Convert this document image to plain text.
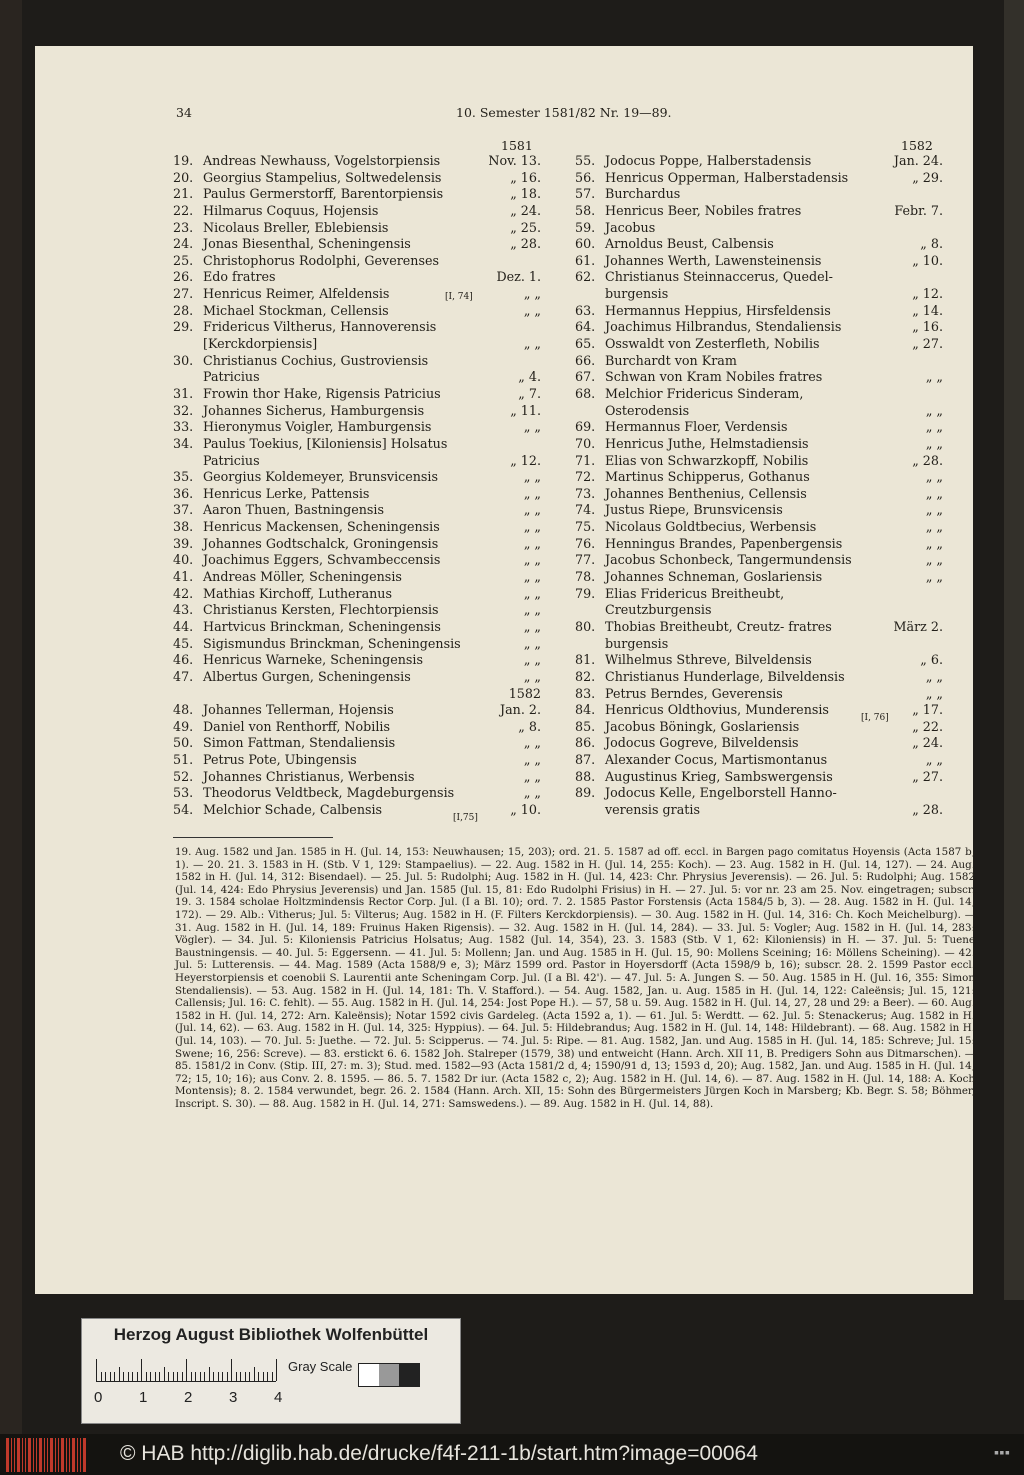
34	10. Semester 1581/82 Nr. 19—89.
1581	1582
19. Andreas Newhauss, Vogelstorpiensis	Nov. 13.
20. Georgius Stampelius, Soltwedelensis	„ 16.
21. Paulus Germerstorff, Barentorpiensis	„ 18.
22. Hilmarus Coquus, Hojensis	„ 24.
23. Nicolaus Breller, Eblebiensis	„ 25.
24. Jonas Biesenthal, Scheningensis	„ 28.
25. Christophorus Rodolphi, Geverenses
26. Edo fratres	Dez. 1.
27. Henricus Reimer, Alfeldensis	„ „
28. Michael Stockman, Cellensis	„ „
29. Fridericus Viltherus, Hannoverensis
[Kerckdorpiensis]	„ „
30. Christianus Cochius, Gustroviensis
Patricius	„ 4.
31. Frowin thor Hake, Rigensis Patricius	„ 7.
32. Johannes Sicherus, Hamburgensis	„ 11.
33. Hieronymus Voigler, Hamburgensis	„ „
34. Paulus Toekius, [Kiloniensis] Holsatus
Patricius	„ 12.
35. Georgius Koldemeyer, Brunsvicensis	„ „
36. Henricus Lerke, Pattensis	„ „
37. Aaron Thuen, Bastningensis	„ „
38. Henricus Mackensen, Scheningensis	„ „
39. Johannes Godtschalck, Groningensis	„ „
40. Joachimus Eggers, Schvambeccensis	„ „
41. Andreas Möller, Scheningensis	„ „
42. Mathias Kirchoff, Lutheranus	„ „
43. Christianus Kersten, Flechtorpiensis	„ „
44. Hartvicus Brinckman, Scheningensis	„ „
45. Sigismundus Brinckman, Scheningensis	„ „
46. Henricus Warneke, Scheningensis	„ „
47. Albertus Gurgen, Scheningensis	„ „
1582
48. Johannes Tellerman, Hojensis	Jan. 2.
49. Daniel von Renthorff, Nobilis	„ 8.
50. Simon Fattman, Stendaliensis	„ „
51. Petrus Pote, Ubingensis	„ „
52. Johannes Christianus, Werbensis	„ „
53. Theodorus Veldtbeck, Magdeburgensis	„ „
54. Melchior Schade, Calbensis	„ 10.
55. Jodocus Poppe, Halberstadensis	Jan. 24.
56. Henricus Opperman, Halberstadensis	„ 29.
57. Burchardus
58. Henricus Beer, Nobiles fratres	Febr. 7.
59. Jacobus
60. Arnoldus Beust, Calbensis	„ 8.
61. Johannes Werth, Lawensteinensis	„ 10.
62. Christianus Steinnaccerus, Quedel-
burgensis	„ 12.
63. Hermannus Heppius, Hirsfeldensis	„ 14.
64. Joachimus Hilbrandus, Stendaliensis	„ 16.
65. Osswaldt von Zesterfleth, Nobilis	„ 27.
66. Burchardt von Kram
67. Schwan von Kram Nobiles fratres	„ „
68. Melchior Fridericus Sinderam,
Osterodensis	„ „
69. Hermannus Floer, Verdensis	„ „
70. Henricus Juthe, Helmstadiensis	„ „
71. Elias von Schwarzkopff, Nobilis	„ 28.
72. Martinus Schipperus, Gothanus	„ „
73. Johannes Benthenius, Cellensis	„ „
74. Justus Riepe, Brunsvicensis	„ „
75. Nicolaus Goldtbecius, Werbensis	„ „
76. Henningus Brandes, Papenbergensis	„ „
77. Jacobus Schonbeck, Tangermundensis	„ „
78. Johannes Schneman, Goslariensis	„ „
79. Elias Fridericus Breitheubt,
Creutzburgensis
80. Thobias Breitheubt, Creutz- fratres	März 2.
burgensis
81. Wilhelmus Sthreve, Bilveldensis	„ 6.
82. Christianus Hunderlage, Bilveldensis	„ „
83. Petrus Berndes, Geverensis	„ „
84. Henricus Oldthovius, Munderensis	„ 17.
85. Jacobus Böningk, Goslariensis	„ 22.
86. Jodocus Gogreve, Bilveldensis	„ 24.
87. Alexander Cocus, Martismontanus	„ „
88. Augustinus Krieg, Sambswergensis	„ 27.
89. Jodocus Kelle, Engelborstell Hanno-
verensis gratis	„ 28.
[I, 74]
[I,75]
[I, 76]

19. Aug. 1582 und Jan. 1585 in H. (Jul. 14, 153: Neuwhausen; 15, 203); ord. 21. 5. 1587 ad off. eccl. in Bargen pago comitatus Hoyensis (Acta 1587 b, 1). — 20. 21. 3. 1583 in H. (Stb. V 1, 129: Stampaelius). — 22. Aug. 1582 in H. (Jul. 14, 255: Koch). — 23. Aug. 1582 in H. (Jul. 14, 127). — 24. Aug. 1582 in H. (Jul. 14, 312: Bisendael). — 25. Jul. 5: Rudolphi; Aug. 1582 in H. (Jul. 14, 423: Chr. Phrysius Jeverensis). — 26. Jul. 5: Rudolphi; Aug. 1582 (Jul. 14, 424: Edo Phrysius Jeverensis) und Jan. 1585 (Jul. 15, 81: Edo Rudolphi Frisius) in H. — 27. Jul. 5: vor nr. 23 am 25. Nov. eingetragen; subscr. 19. 3. 1584 scholae Holtzmindensis Rector Corp. Jul. (I a Bl. 10); ord. 7. 2. 1585 Pastor Forstensis (Acta 1584/5 b, 3). — 28. Aug. 1582 in H. (Jul. 14, 172). — 29. Alb.: Vitherus; Jul. 5: Vilterus; Aug. 1582 in H. (F. Filters Kerckdorpiensis). — 30. Aug. 1582 in H. (Jul. 14, 316: Ch. Koch Meichelburg). — 31. Aug. 1582 in H. (Jul. 14, 189: Fruinus Haken Rigensis). — 32. Aug. 1582 in H. (Jul. 14, 284). — 33. Jul. 5: Vogler; Aug. 1582 in H. (Jul. 14, 283: Vögler). — 34. Jul. 5: Kiloniensis Patricius Holsatus; Aug. 1582 (Jul. 14, 354), 23. 3. 1583 (Stb. V 1, 62: Kiloniensis) in H. — 37. Jul. 5: Tuene Baustningensis. — 40. Jul. 5: Eggersenn. — 41. Jul. 5: Mollenn; Jan. und Aug. 1585 in H. (Jul. 15, 90: Mollens Sceining; 16: Möllens Scheining). — 42. Jul. 5: Lutterensis. — 44. Mag. 1589 (Acta 1588/9 e, 3); März 1599 ord. Pastor in Hoyersdorff (Acta 1598/9 b, 16); subscr. 28. 2. 1599 Pastor eccl. Heyerstorpiensis et coenobii S. Laurentii ante Scheningam Corp. Jul. (I a Bl. 42'). — 47. Jul. 5: A. Jungen S. — 50. Aug. 1585 in H. (Jul. 16, 355: Simon Stendaliensis). — 53. Aug. 1582 in H. (Jul. 14, 181: Th. V. Stafford.). — 54. Aug. 1582, Jan. u. Aug. 1585 in H. (Jul. 14, 122: Caleënsis; Jul. 15, 121: Callensis; Jul. 16: C. fehlt). — 55. Aug. 1582 in H. (Jul. 14, 254: Jost Pope H.). — 57, 58 u. 59. Aug. 1582 in H. (Jul. 14, 27, 28 und 29: a Beer). — 60. Aug. 1582 in H. (Jul. 14, 272: Arn. Kaleënsis); Notar 1592 civis Gardeleg. (Acta 1592 a, 1). — 61. Jul. 5: Werdtt. — 62. Jul. 5: Stenackerus; Aug. 1582 in H. (Jul. 14, 62). — 63. Aug. 1582 in H. (Jul. 14, 325: Hyppius). — 64. Jul. 5: Hildebrandus; Aug. 1582 in H. (Jul. 14, 148: Hildebrant). — 68. Aug. 1582 in H. (Jul. 14, 103). — 70. Jul. 5: Juethe. — 72. Jul. 5: Scipperus. — 74. Jul. 5: Ripe. — 81. Aug. 1582, Jan. und Aug. 1585 in H. (Jul. 14, 185: Schreve; Jul. 15: Swene; 16, 256: Screve). — 83. erstickt 6. 6. 1582 Joh. Stalreper (1579, 38) und entweicht (Hann. Arch. XII 11, B. Predigers Sohn aus Ditmarschen). — 85. 1581/2 in Conv. (Stip. III, 27: m. 3); Stud. med. 1582—93 (Acta 1581/2 d, 4; 1590/91 d, 13; 1593 d, 20); Aug. 1582, Jan. und Aug. 1585 in H. (Jul. 14, 72; 15, 10; 16); aus Conv. 2. 8. 1595. — 86. 5. 7. 1582 Dr iur. (Acta 1582 c, 2); Aug. 1582 in H. (Jul. 14, 6). — 87. Aug. 1582 in H. (Jul. 14, 188: A. Koch Montensis); 8. 2. 1584 verwundet, begr. 26. 2. 1584 (Hann. Arch. XII, 15: Sohn des Bürgermeisters Jürgen Koch in Marsberg; Kb. Begr. S. 58; Böhmer, Inscript. S. 30). — 88. Aug. 1582 in H. (Jul. 14, 271: Samswedens.). — 89. Aug. 1582 in H. (Jul. 14, 88).

Herzog August Bibliothek Wolfenbüttel
Gray Scale
0 1 2 3 4
© HAB http://diglib.hab.de/drucke/f4f-211-1b/start.htm?image=00064	▪▪▪
